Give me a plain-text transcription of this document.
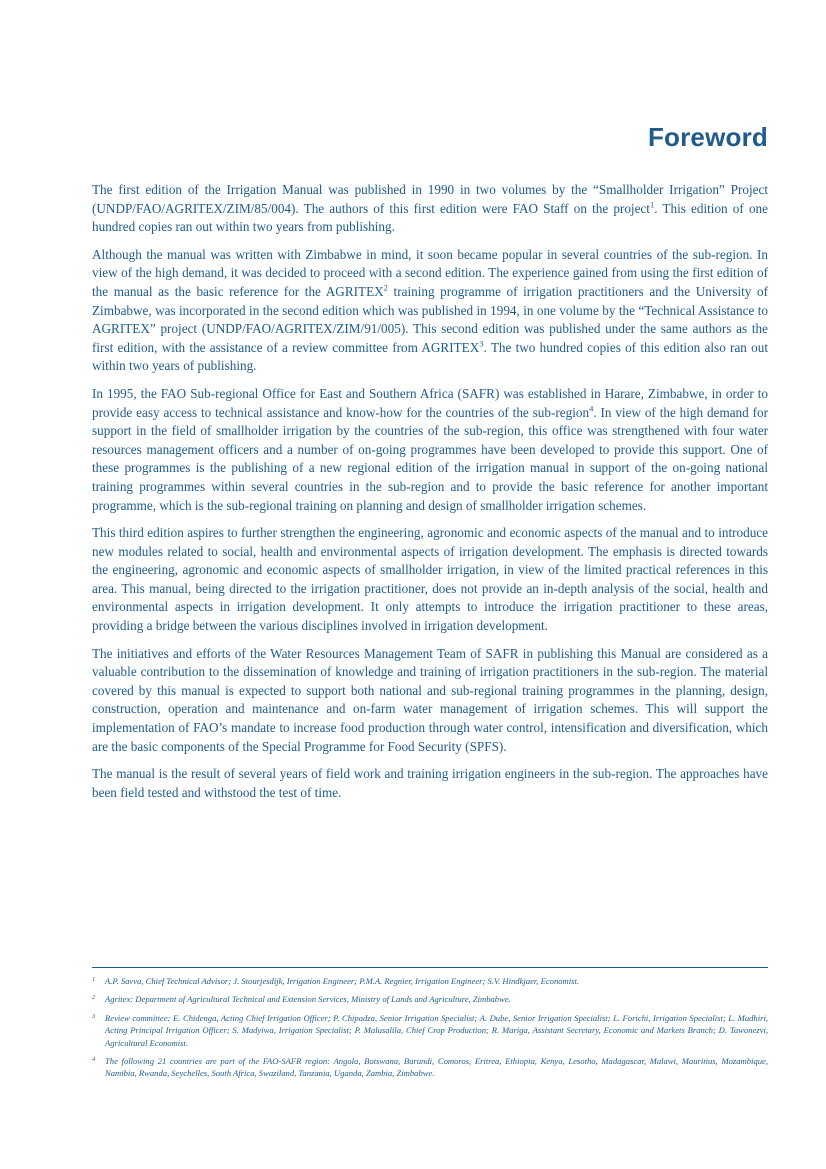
Foreword

The first edition of the Irrigation Manual was published in 1990 in two volumes by the “Smallholder Irrigation” Project (UNDP/FAO/AGRITEX/ZIM/85/004). The authors of this first edition were FAO Staff on the project$^1$. This edition of one hundred copies ran out within two years from publishing.

Although the manual was written with Zimbabwe in mind, it soon became popular in several countries of the sub-region. In view of the high demand, it was decided to proceed with a second edition. The experience gained from using the first edition of the manual as the basic reference for the AGRITEX$^2$ training programme of irrigation practitioners and the University of Zimbabwe, was incorporated in the second edition which was published in 1994, in one volume by the “Technical Assistance to AGRITEX” project (UNDP/FAO/AGRITEX/ZIM/91/005). This second edition was published under the same authors as the first edition, with the assistance of a review committee from AGRITEX$^3$. The two hundred copies of this edition also ran out within two years of publishing.

In 1995, the FAO Sub-regional Office for East and Southern Africa (SAFR) was established in Harare, Zimbabwe, in order to provide easy access to technical assistance and know-how for the countries of the sub-region$^4$. In view of the high demand for support in the field of smallholder irrigation by the countries of the sub-region, this office was strengthened with four water resources management officers and a number of on-going programmes have been developed to provide this support. One of these programmes is the publishing of a new regional edition of the irrigation manual in support of the on-going national training programmes within several countries in the sub-region and to provide the basic reference for another important programme, which is the sub-regional training on planning and design of smallholder irrigation schemes.

This third edition aspires to further strengthen the engineering, agronomic and economic aspects of the manual and to introduce new modules related to social, health and environmental aspects of irrigation development. The emphasis is directed towards the engineering, agronomic and economic aspects of smallholder irrigation, in view of the limited practical references in this area. This manual, being directed to the irrigation practitioner, does not provide an in-depth analysis of the social, health and environmental aspects in irrigation development. It only attempts to introduce the irrigation practitioner to these areas, providing a bridge between the various disciplines involved in irrigation development.

The initiatives and efforts of the Water Resources Management Team of SAFR in publishing this Manual are considered as a valuable contribution to the dissemination of knowledge and training of irrigation practitioners in the sub-region. The material covered by this manual is expected to support both national and sub-regional training programmes in the planning, design, construction, operation and maintenance and on-farm water management of irrigation schemes. This will support the implementation of FAO’s mandate to increase food production through water control, intensification and diversification, which are the basic components of the Special Programme for Food Security (SPFS).

The manual is the result of several years of field work and training irrigation engineers in the sub-region. The approaches have been field tested and withstood the test of time.

1	A.P. Savva, Chief Technical Advisor; J. Stourjesdijk, Irrigation Engineer; P.M.A. Regnier, Irrigation Engineer; S.V. Hindkjaer, Economist.
2	Agritex: Department of Agricultural Technical and Extension Services, Ministry of Lands and Agriculture, Zimbabwe.
3	Review committee: E. Chidenga, Acting Chief Irrigation Officer; P. Chipadza, Senior Irrigation Specialist; A. Dube, Senior Irrigation Specialist; L. Forichi, Irrigation Specialist; L. Madhiri, Acting Principal Irrigation Officer; S. Madyiwa, Irrigation Specialist; P. Malusalila, Chief Crop Production; R. Mariga, Assistant Secretary, Economic and Markets Branch; D. Tawonezvi, Agricultural Economist.
4	The following 21 countries are part of the FAO-SAFR region: Angola, Botswana, Burundi, Comoros, Eritrea, Ethiopia, Kenya, Lesotho, Madagascar, Malawi, Mauritius, Mozambique, Namibia, Rwanda, Seychelles, South Africa, Swaziland, Tanzania, Uganda, Zambia, Zimbabwe.
